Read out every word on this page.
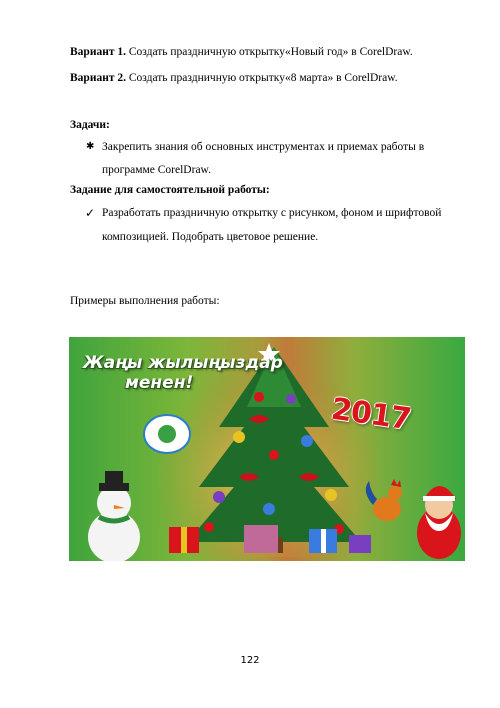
Вариант 1. Создать праздничную открытку«Новый год» в CorelDraw.
Вариант 2. Создать праздничную открытку«8 марта» в CorelDraw.
Задачи:
✱ Закрепить знания об основных инструментах и приемах работы в
программе CorelDraw.
Задание для самостоятельной работы:
✓ Разработать праздничную открытку с рисунком, фоном и шрифтовой
композицией. Подобрать цветовое решение.
Примеры выполнения работы:
Жаңы жылыңыздар
менен!
2017
122
